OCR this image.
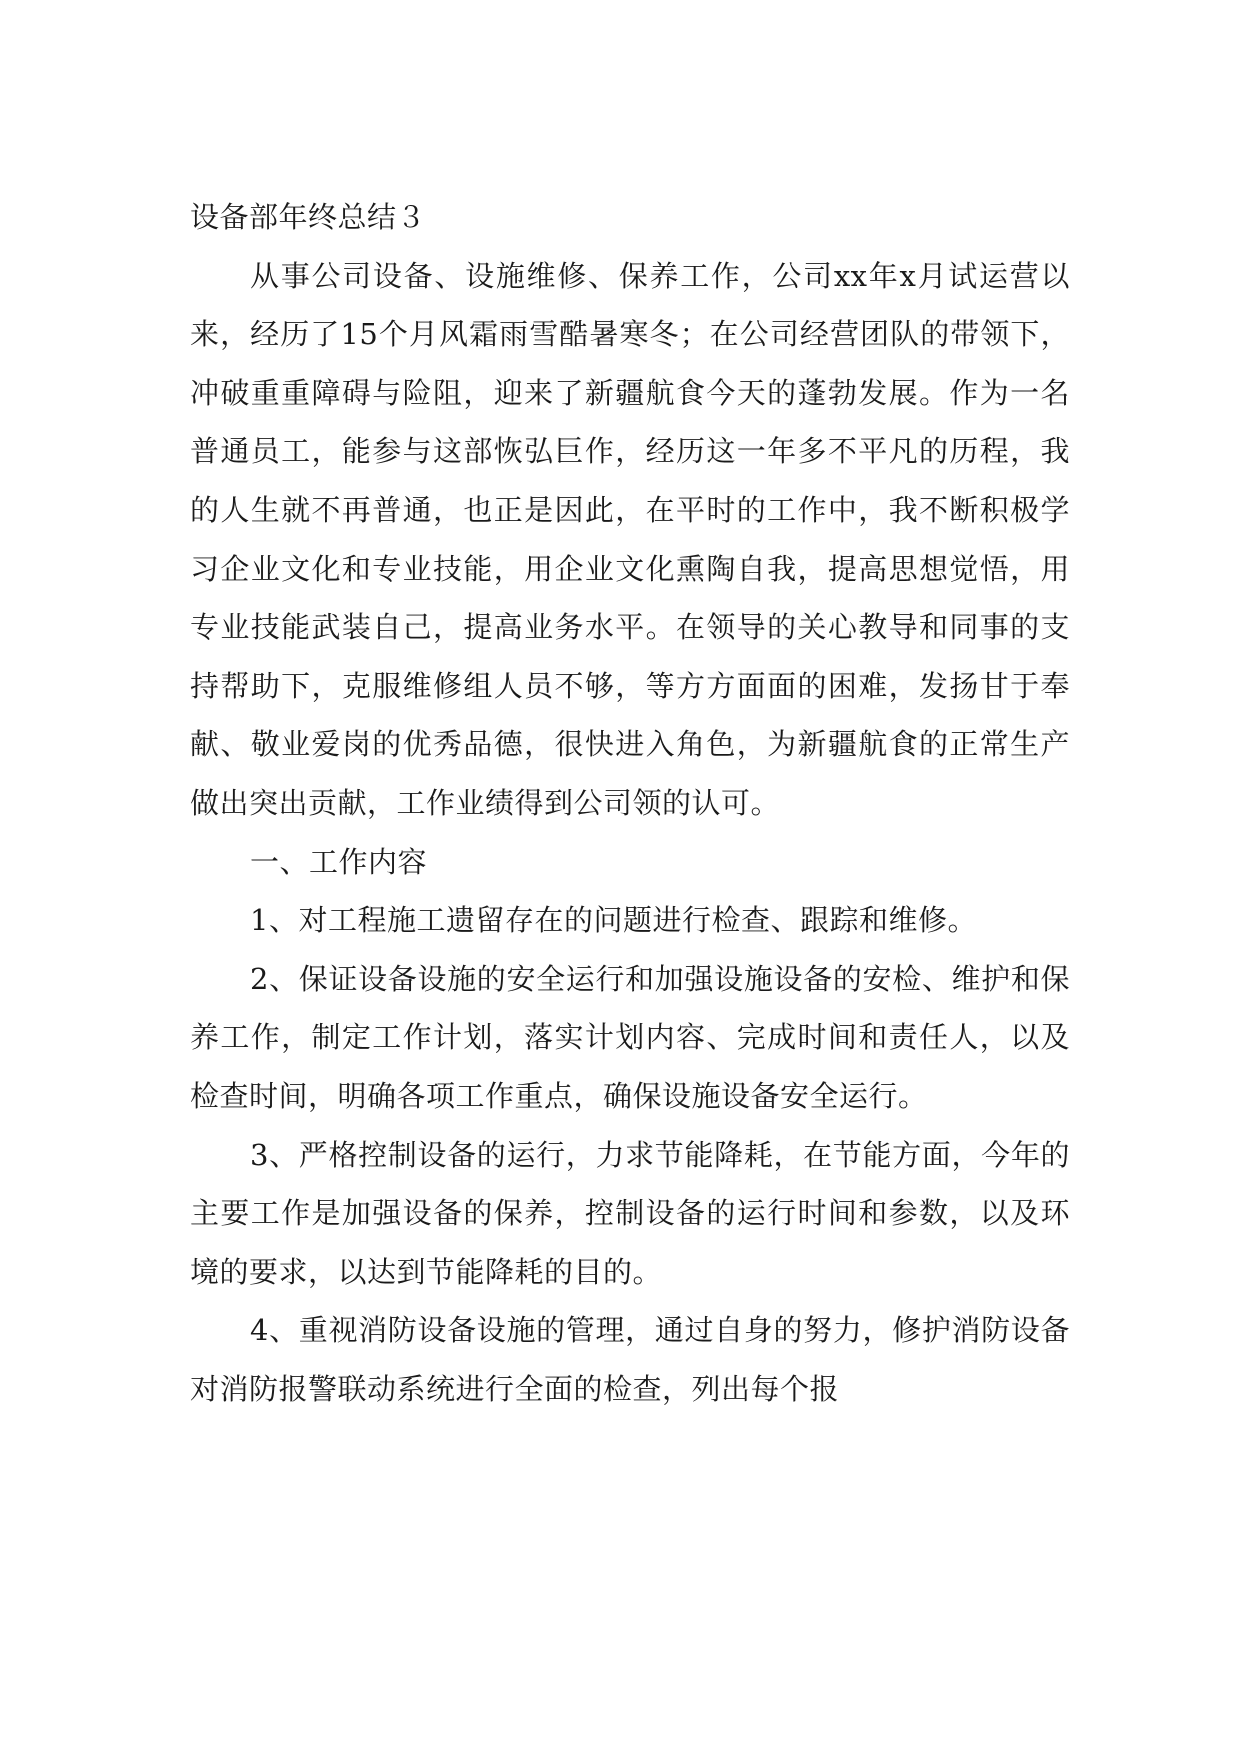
设备部年终总结３

从事公司设备、设施维修、保养工作，公司xx年x月试运营以来，经历了15个月风霜雨雪酷暑寒冬；在公司经营团队的带领下，冲破重重障碍与险阻，迎来了新疆航食今天的蓬勃发展。作为一名普通员工，能参与这部恢弘巨作，经历这一年多不平凡的历程，我的人生就不再普通，也正是因此，在平时的工作中，我不断积极学习企业文化和专业技能，用企业文化熏陶自我，提高思想觉悟，用专业技能武装自己，提高业务水平。在领导的关心教导和同事的支持帮助下，克服维修组人员不够，等方方面面的困难，发扬甘于奉献、敬业爱岗的优秀品德，很快进入角色，为新疆航食的正常生产做出突出贡献，工作业绩得到公司领的认可。

一、工作内容

1、对工程施工遗留存在的问题进行检查、跟踪和维修。

2、保证设备设施的安全运行和加强设施设备的安检、维护和保养工作，制定工作计划，落实计划内容、完成时间和责任人，以及检查时间，明确各项工作重点，确保设施设备安全运行。

3、严格控制设备的运行，力求节能降耗，在节能方面，今年的主要工作是加强设备的保养，控制设备的运行时间和参数，以及环境的要求，以达到节能降耗的目的。

4、重视消防设备设施的管理，通过自身的努力，修护消防设备对消防报警联动系统进行全面的检查，列出每个报
